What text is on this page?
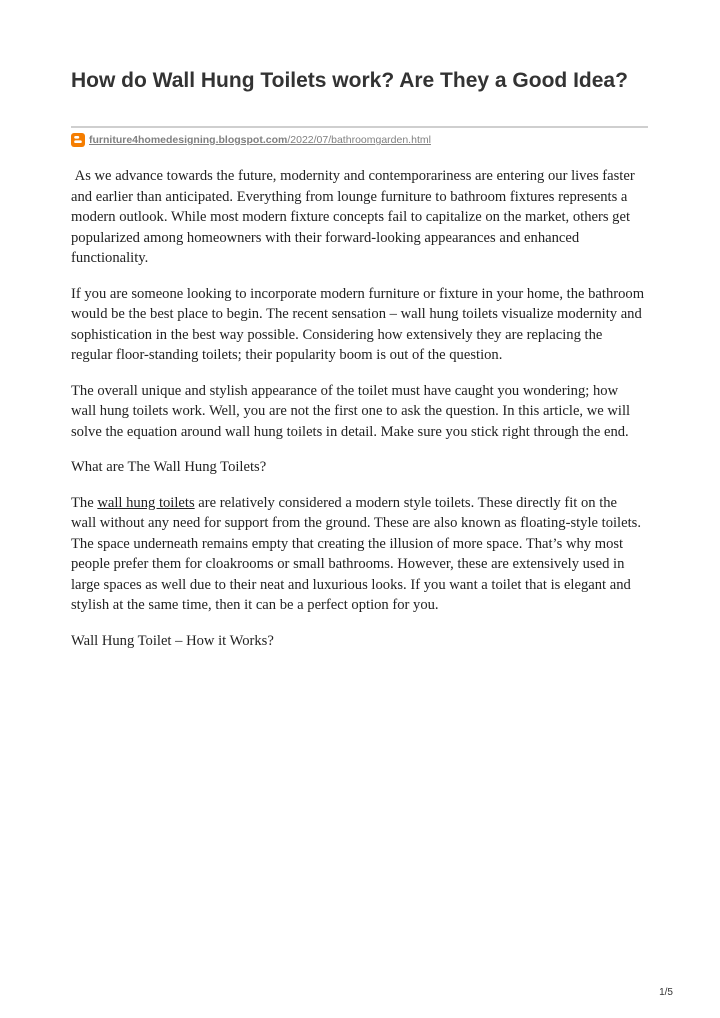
How do Wall Hung Toilets work? Are They a Good Idea?
furniture4homedesigning.blogspot.com /2022/07/bathroomgarden.html

As we advance towards the future, modernity and contemporariness are entering our lives faster and earlier than anticipated. Everything from lounge furniture to bathroom fixtures represents a modern outlook. While most modern fixture concepts fail to capitalize on the market, others get popularized among homeowners with their forward-looking appearances and enhanced functionality.

If you are someone looking to incorporate modern furniture or fixture in your home, the bathroom would be the best place to begin. The recent sensation – wall hung toilets visualize modernity and sophistication in the best way possible. Considering how extensively they are replacing the regular floor-standing toilets; their popularity boom is out of the question.

The overall unique and stylish appearance of the toilet must have caught you wondering; how wall hung toilets work. Well, you are not the first one to ask the question. In this article, we will solve the equation around wall hung toilets in detail. Make sure you stick right through the end.

What are The Wall Hung Toilets?

The wall hung toilets are relatively considered a modern style toilets. These directly fit on the wall without any need for support from the ground. These are also known as floating-style toilets. The space underneath remains empty that creating the illusion of more space. That’s why most people prefer them for cloakrooms or small bathrooms. However, these are extensively used in large spaces as well due to their neat and luxurious looks. If you want a toilet that is elegant and stylish at the same time, then it can be a perfect option for you.

Wall Hung Toilet – How it Works?

1/5
